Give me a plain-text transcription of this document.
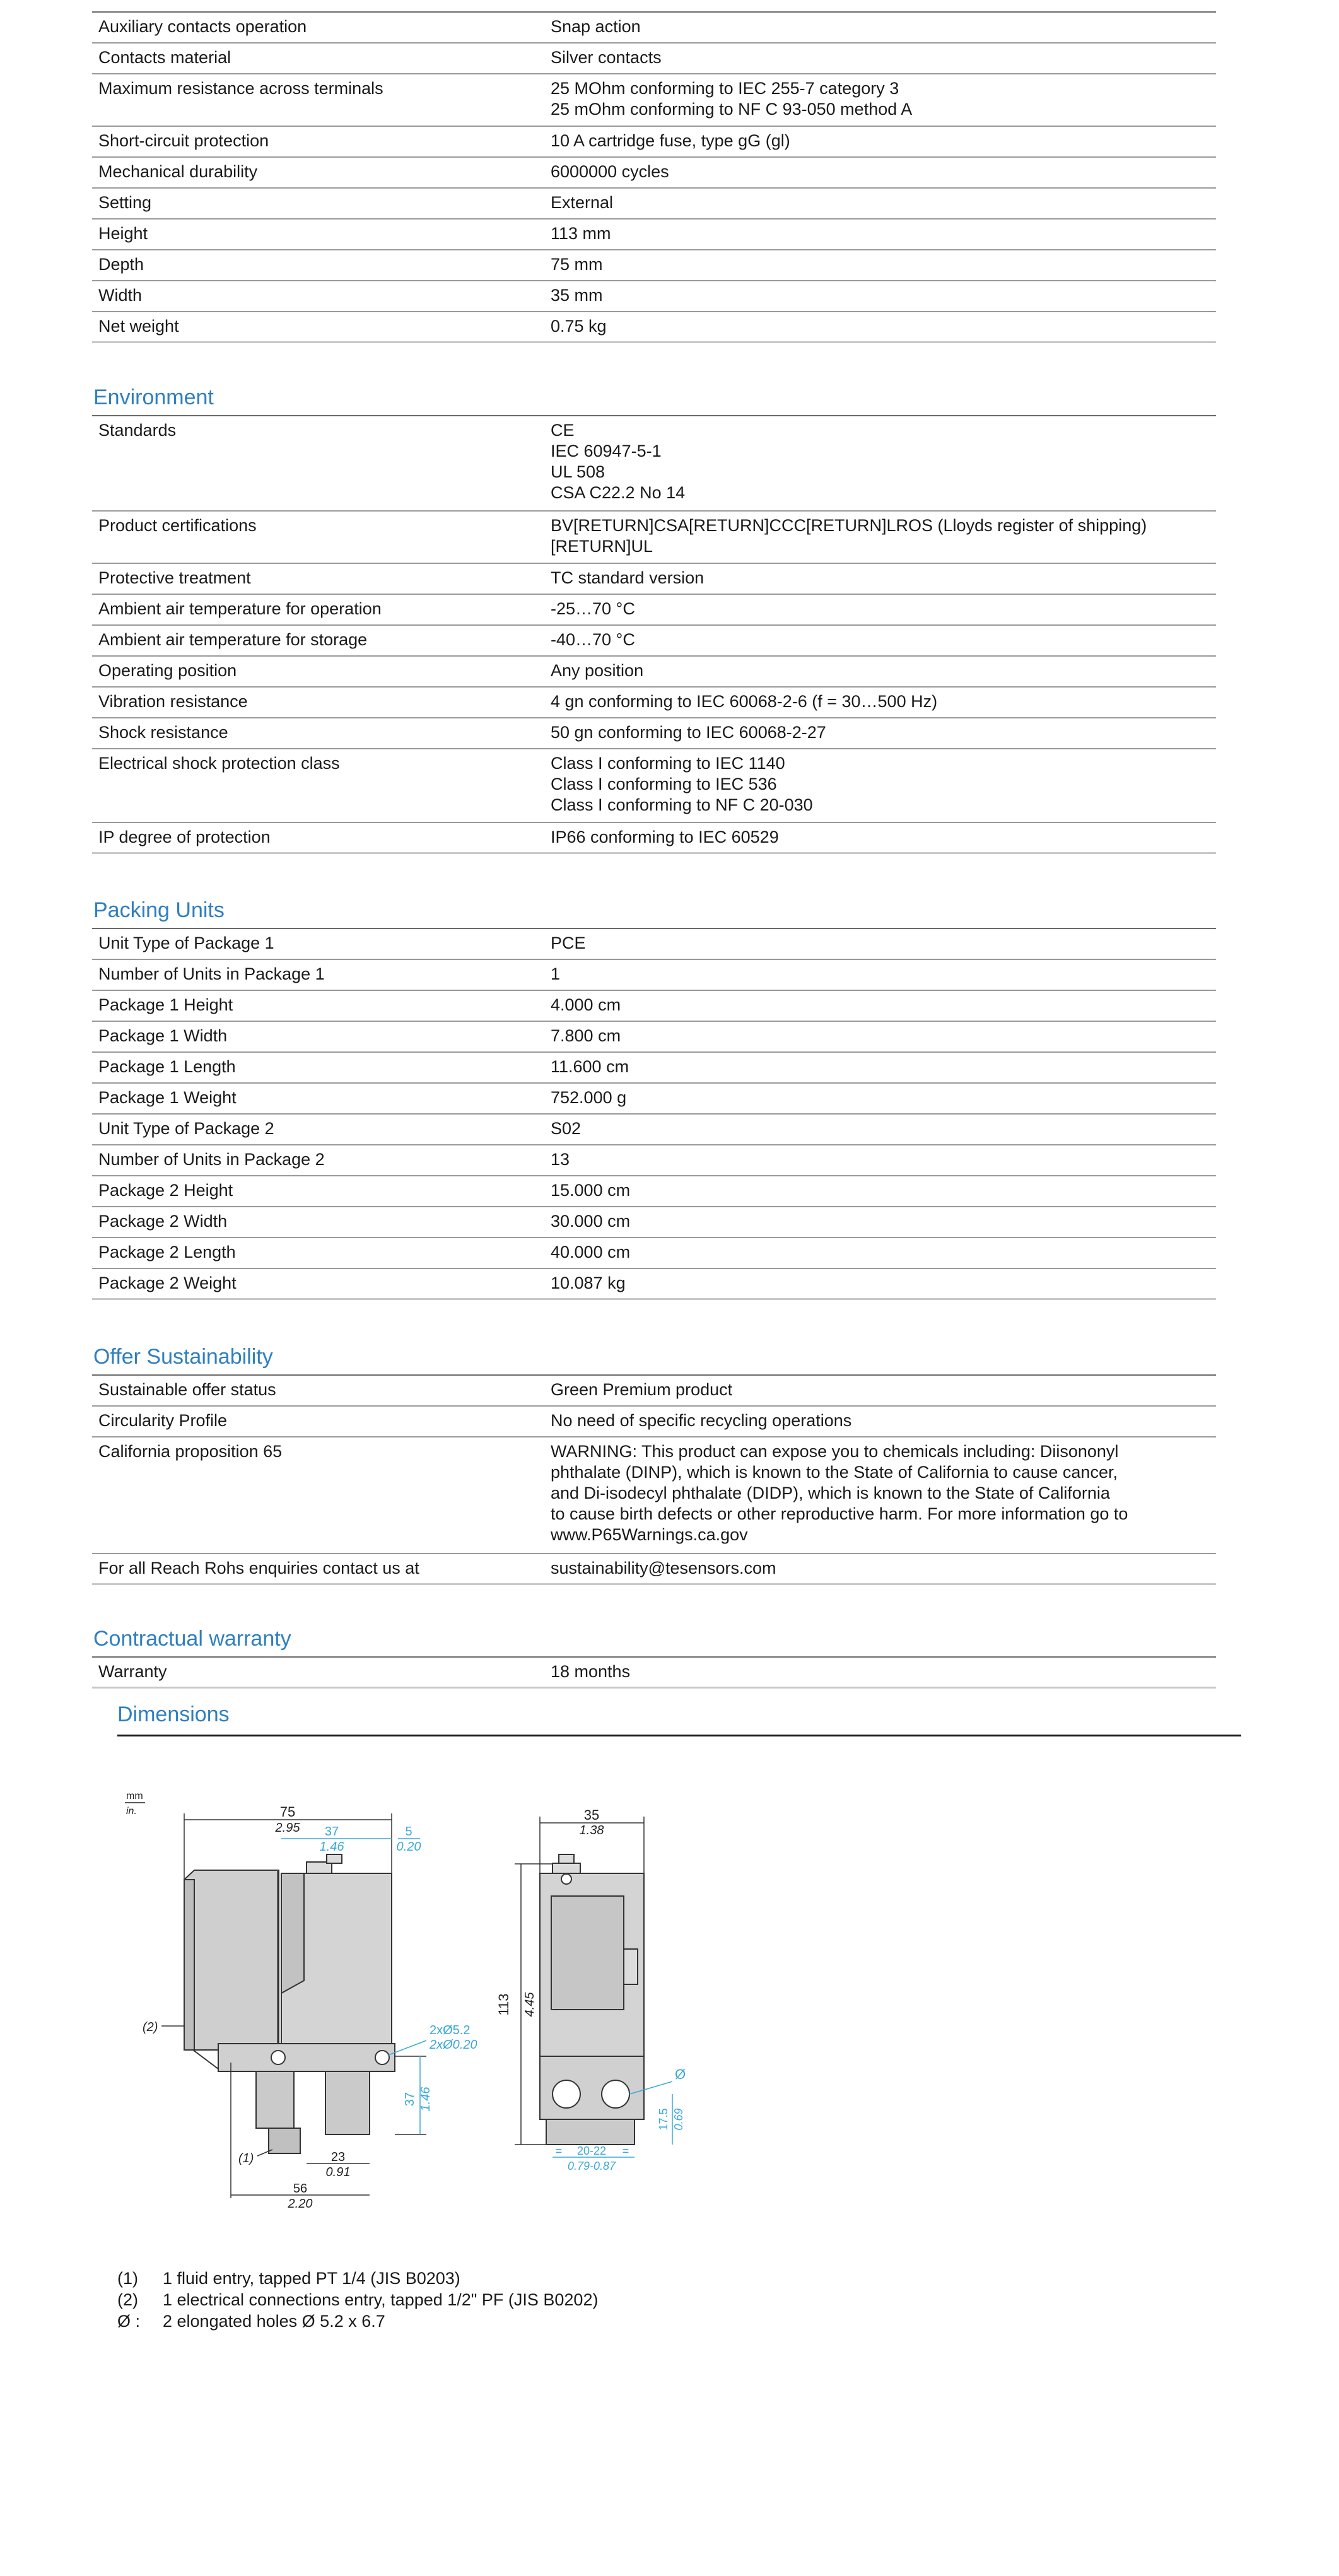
Auxiliary contacts operation	Snap action
Contacts material	Silver contacts
Maximum resistance across terminals	25 MOhm conforming to IEC 255-7 category 3
25 mOhm conforming to NF C 93-050 method A
Short-circuit protection	10 A cartridge fuse, type gG (gl)
Mechanical durability	6000000 cycles
Setting	External
Height	113 mm
Depth	75 mm
Width	35 mm
Net weight	0.75 kg
Environment
Standards	CE
IEC 60947-5-1
UL 508
CSA C22.2 No 14
Product certifications	BV[RETURN]CSA[RETURN]CCC[RETURN]LROS (Lloyds register of shipping)
[RETURN]UL
Protective treatment	TC standard version
Ambient air temperature for operation	-25…70 °C
Ambient air temperature for storage	-40…70 °C
Operating position	Any position
Vibration resistance	4 gn conforming to IEC 60068-2-6 (f = 30…500 Hz)
Shock resistance	50 gn conforming to IEC 60068-2-27
Electrical shock protection class	Class I conforming to IEC 1140
Class I conforming to IEC 536
Class I conforming to NF C 20-030
IP degree of protection	IP66 conforming to IEC 60529
Packing Units
Unit Type of Package 1	PCE
Number of Units in Package 1	1
Package 1 Height	4.000 cm
Package 1 Width	7.800 cm
Package 1 Length	11.600 cm
Package 1 Weight	752.000 g
Unit Type of Package 2	S02
Number of Units in Package 2	13
Package 2 Height	15.000 cm
Package 2 Width	30.000 cm
Package 2 Length	40.000 cm
Package 2 Weight	10.087 kg
Offer Sustainability
Sustainable offer status	Green Premium product
Circularity Profile	No need of specific recycling operations
California proposition 65	WARNING: This product can expose you to chemicals including: Diisononyl
phthalate (DINP), which is known to the State of California to cause cancer,
and Di-isodecyl phthalate (DIDP), which is known to the State of California
to cause birth defects or other reproductive harm. For more information go to
www.P65Warnings.ca.gov
For all Reach Rohs enquiries contact us at	sustainability@tesensors.com
Contractual warranty
Warranty	18 months
Dimensions
mm
in.	75
2.95 37
1.46
5
0.20
2xØ5.2
2xØ0.20
(2)
(1)
37 1.46
23
0.91
56
2.20
35
1.38
113 4.45
Ø
17.5 0.69
20-22
0.79-0.87
=	=
(1)	1 fluid entry, tapped PT 1/4 (JIS B0203)
(2)	1 electrical connections entry, tapped 1/2" PF (JIS B0202)
Ø :	2 elongated holes Ø 5.2 x 6.7
